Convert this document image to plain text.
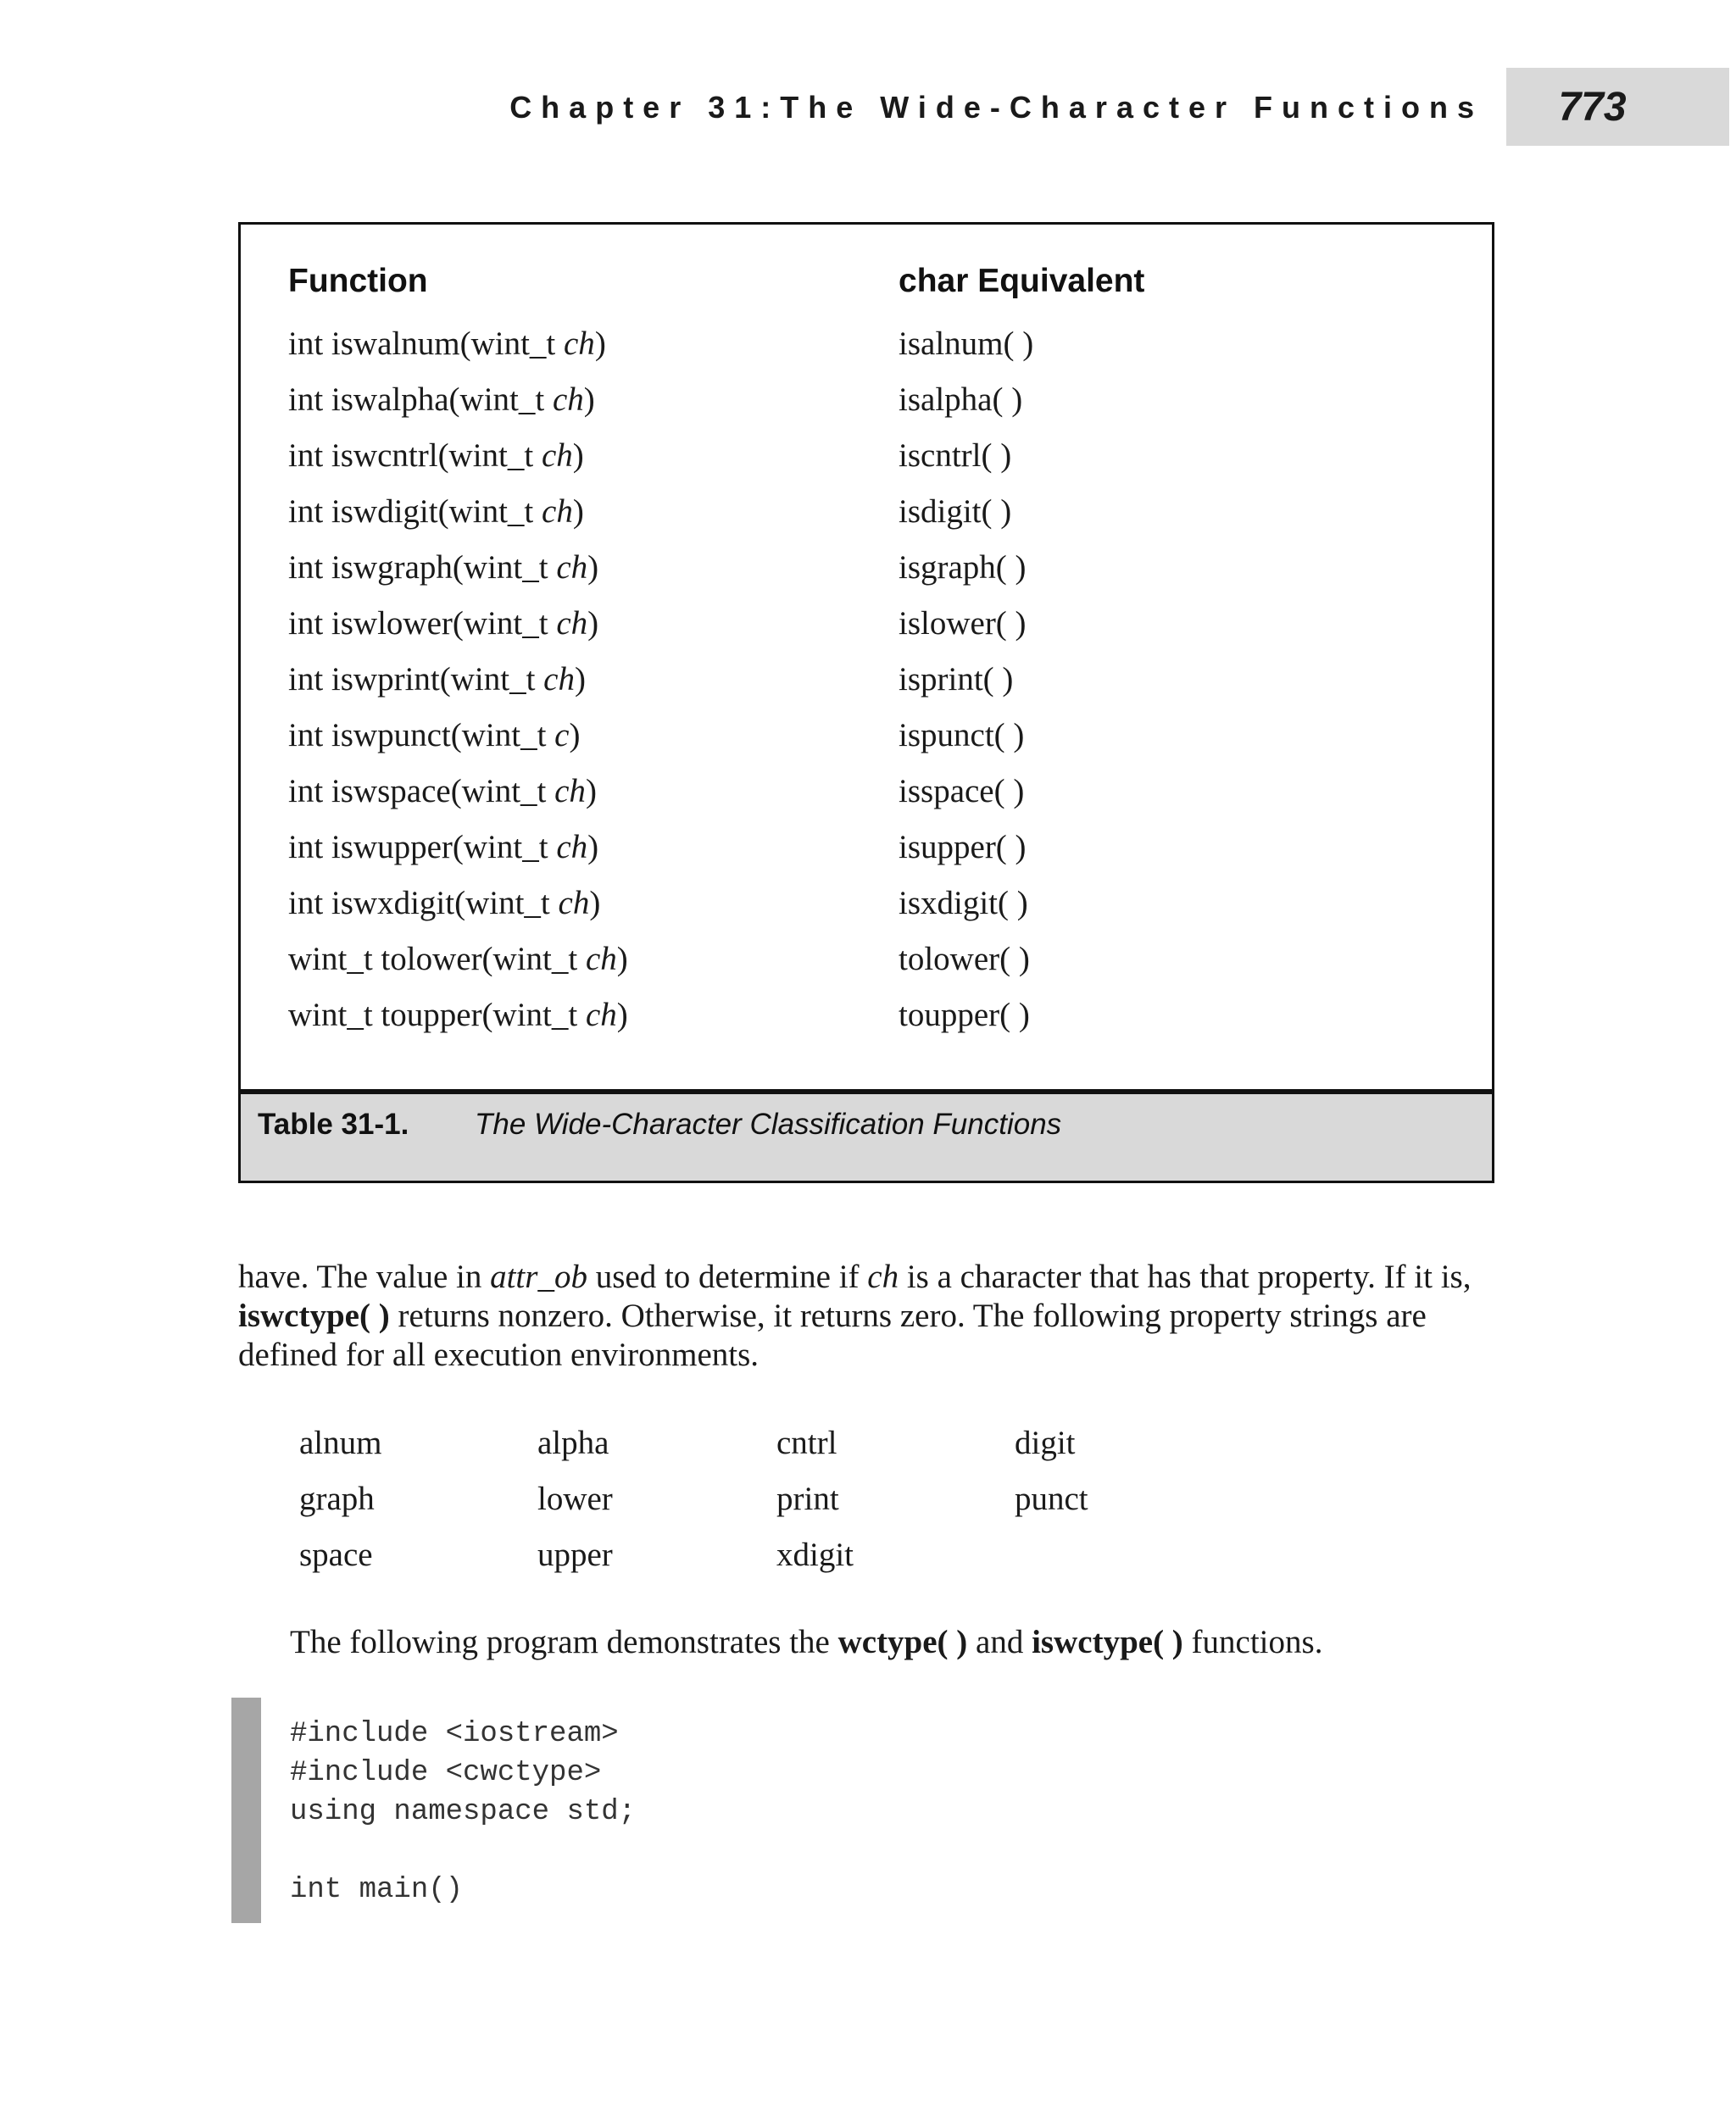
Chapter 31: The Wide-Character Functions 773
Function	char Equivalent
int iswalnum(wint_t ch)	isalnum( )
int iswalpha(wint_t ch)	isalpha( )
int iswcntrl(wint_t ch)	iscntrl( )
int iswdigit(wint_t ch)	isdigit( )
int iswgraph(wint_t ch)	isgraph( )
int iswlower(wint_t ch)	islower( )
int iswprint(wint_t ch)	isprint( )
int iswpunct(wint_t c)	ispunct( )
int iswspace(wint_t ch)	isspace( )
int iswupper(wint_t ch)	isupper( )
int iswxdigit(wint_t ch)	isxdigit( )
wint_t tolower(wint_t ch)	tolower( )
wint_t toupper(wint_t ch)	toupper( )
Table 31-1. The Wide-Character Classification Functions

have. The value in attr_ob used to determine if ch is a character that has that property. If it is, iswctype( ) returns nonzero. Otherwise, it returns zero. The following property strings are defined for all execution environments.

alnum	alpha	cntrl	digit
graph	lower	print	punct
space	upper	xdigit

The following program demonstrates the wctype( ) and iswctype( ) functions.

#include <iostream>
#include <cwctype>
using namespace std;
int main()
